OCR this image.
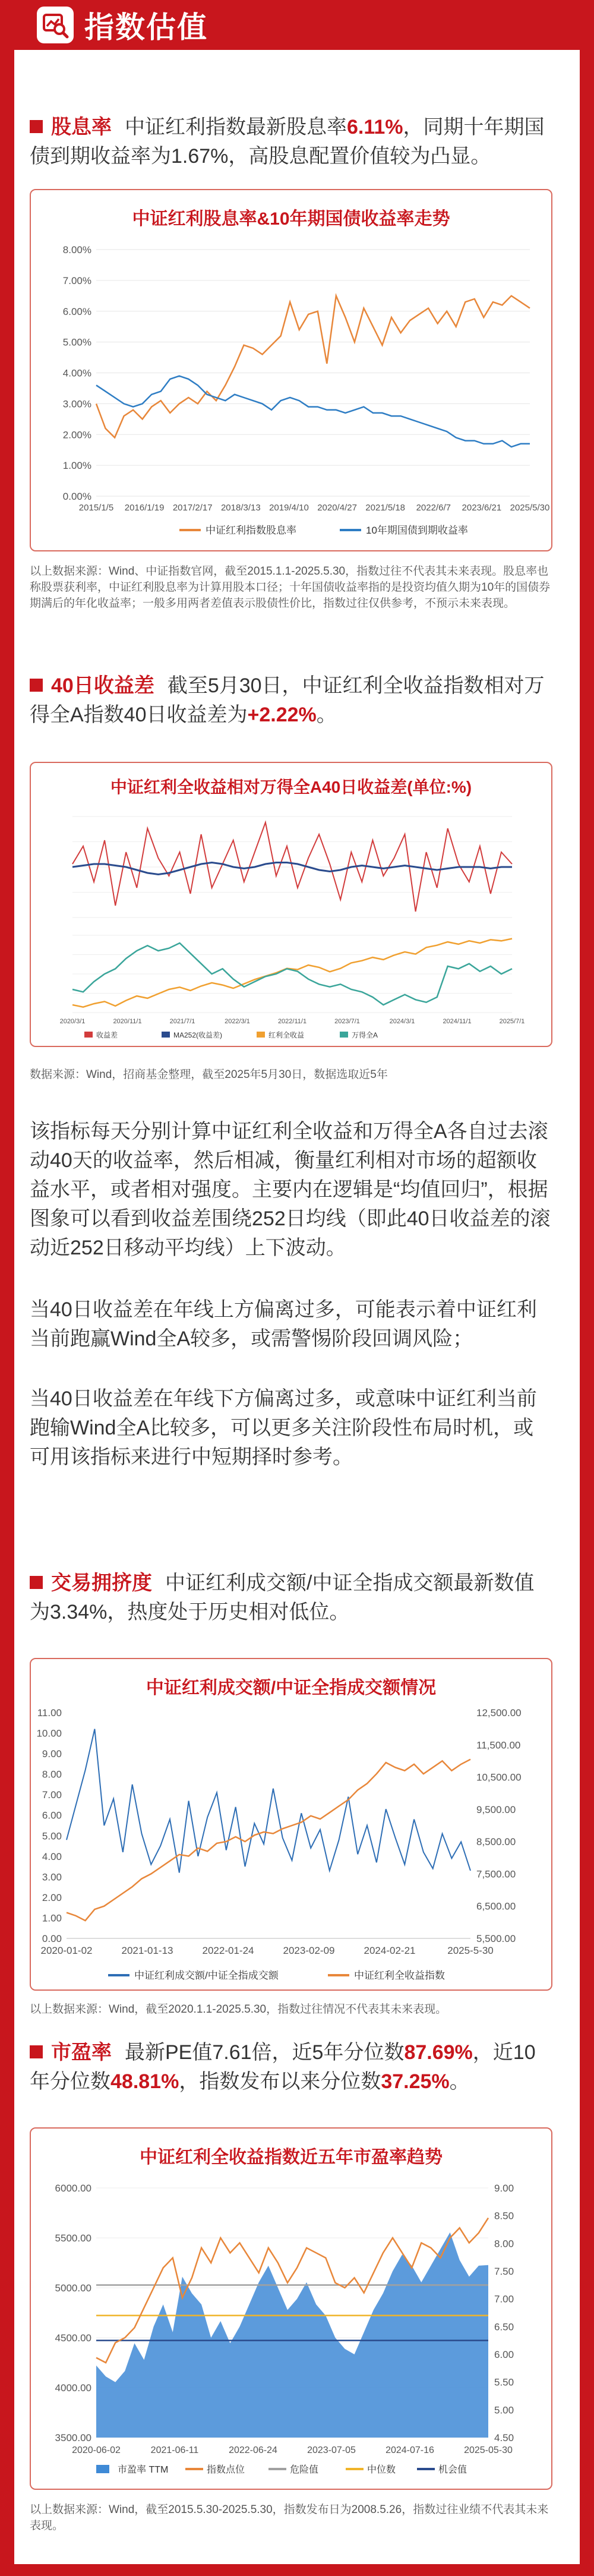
指数估值
股息率 中证红利指数最新股息率6.11%，同期十年期国债到期收益率为1.67%，高股息配置价值较为凸显。
中证红利股息率&10年期国债收益率走势
0.00%
1.00%
2.00%
3.00%
4.00%
5.00%
6.00%
7.00%
8.00%
2015/1/5 2016/1/19 2017/2/17 2018/3/13 2019/4/10 2020/4/27 2021/5/18 2022/6/7 2023/6/21 2025/5/30
中证红利指数股息率	10年期国债到期收益率
以上数据来源：Wind、中证指数官网，截至2015.1.1-2025.5.30，指数过往不代表其未来表现。股息率也称股票获利率，中证红利股息率为计算用股本口径；十年国债收益率指的是投资均值久期为10年的国债券期满后的年化收益率；一般多用两者差值表示股债性价比，指数过往仅供参考，不预示未来表现。
40日收益差 截至5月30日，中证红利全收益指数相对万得全A指数40日收益差为+2.22%。
中证红利全收益相对万得全A40日收益差(单位:%)
2020/3/1	2020/11/1	2021/7/1	2022/3/1	2022/11/1	2023/7/1	2024/3/1	2024/11/1	2025/7/1
收益差	MA252(收益差)	红利全收益	万得全A
数据来源：Wind，招商基金整理，截至2025年5月30日，数据选取近5年
该指标每天分别计算中证红利全收益和万得全A各自过去滚动40天的收益率，然后相减，衡量红利相对市场的超额收益水平，或者相对强度。主要内在逻辑是“均值回归”，根据图象可以看到收益差围绕252日均线（即此40日收益差的滚动近252日移动平均线）上下波动。
当40日收益差在年线上方偏离过多，可能表示着中证红利当前跑赢Wind全A较多，或需警惕阶段回调风险；
当40日收益差在年线下方偏离过多，或意味中证红利当前跑输Wind全A比较多，可以更多关注阶段性布局时机，或可用该指标来进行中短期择时参考。
交易拥挤度 中证红利成交额/中证全指成交额最新数值为3.34%，热度处于历史相对低位。
中证红利成交额/中证全指成交额情况
0.00
1.00
2.00
3.00
4.00
5.00
6.00
7.00
8.00
9.00
10.00
11.00
5,500.00
6,500.00
7,500.00
8,500.00
9,500.00
10,500.00
11,500.00
12,500.00
2020-01-02	2021-01-13	2022-01-24	2023-02-09	2024-02-21	2025-5-30
中证红利成交额/中证全指成交额	中证红利全收益指数
以上数据来源：Wind，截至2020.1.1-2025.5.30，指数过往情况不代表其未来表现。
市盈率 最新PE值7.61倍，近5年分位数87.69%，近10年分位数48.81%，指数发布以来分位数37.25%。
中证红利全收益指数近五年市盈率趋势
3500.00
4000.00
4500.00
5000.00
5500.00
6000.00
4.50
5.00
5.50
6.00
6.50
7.00
7.50
8.00
8.50
9.00
2020-06-02	2021-06-11	2022-06-24	2023-07-05	2024-07-16	2025-05-30
市盈率 TTM	指数点位	危险值	中位数	机会值
以上数据来源：Wind，截至2015.5.30-2025.5.30，指数发布日为2008.5.26，指数过往业绩不代表其未来表现。
